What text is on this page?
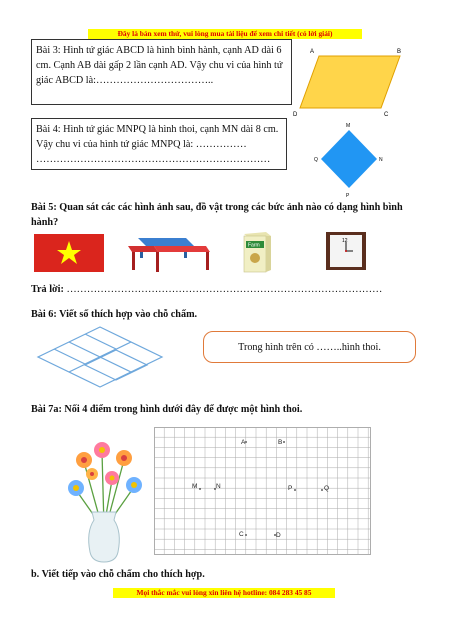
Đây là bản xem thử, vui lòng mua tài liệu để xem chi tiết (có lời giải)
Bài 3: Hình tứ giác ABCD là hình bình hành, cạnh AD dài 6 cm. Cạnh AB dài gấp 2 lần cạnh AD. Vậy chu vi của hình tứ giác ABCD là:……………………………..
A	B
C
D
Bài 4: Hình tứ giác MNPQ là hình thoi, cạnh MN dài 8 cm. Vậy chu vi của hình tứ giác MNPQ là: …………… ……………………………………………………………
M
N
P
Q
Bài 5: Quan sát các các hình ảnh sau, đồ vật trong các bức ảnh nào có dạng hình bình hành?
Farm
12
Trả lời: …………………………………………………………………………………
Bài 6: Viết số thích hợp vào chỗ chấm.
Trong hình trên có ……..hình thoi.
Bài 7a: Nối 4 điểm trong hình dưới đây để được một hình thoi.
A	B
M	N	P	Q
C	D
b. Viết tiếp vào chỗ chấm cho thích hợp.
Mọi thắc mắc vui lòng xin liên hệ hotline: 084 283 45 85
